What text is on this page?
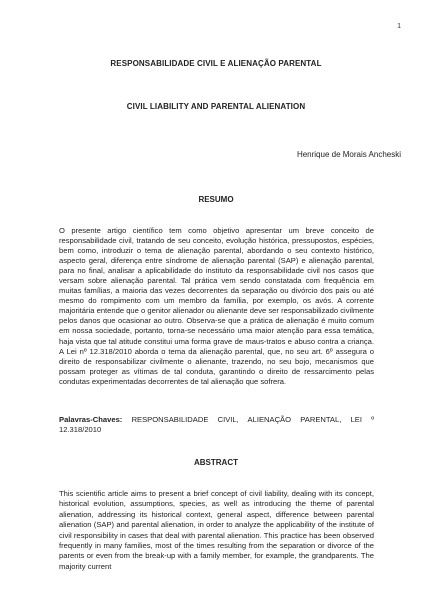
1
RESPONSABILIDADE CIVIL E ALIENAÇÃO PARENTAL
CIVIL LIABILITY AND PARENTAL ALIENATION
Henrique de Morais Ancheski
RESUMO

O presente artigo científico tem como objetivo apresentar um breve conceito de responsabilidade civil, tratando de seu conceito, evolução histórica, pressupostos, espécies, bem como, introduzir o tema de alienação parental, abordando o seu contexto histórico, aspecto geral, diferença entre síndrome de alienação parental (SAP) e alienação parental, para no final, analisar a aplicabilidade do instituto da responsabilidade civil nos casos que versam sobre alienação parental. Tal prática vem sendo constatada com frequência em muitas famílias, a maioria das vezes decorrentes da separação ou divórcio dos pais ou até mesmo do rompimento com um membro da família, por exemplo, os avós. A corrente majoritária entende que o genitor alienador ou alienante deve ser responsabilizado civilmente pelos danos que ocasionar ao outro. Observa-se que a prática de alienação é muito comum em nossa sociedade, portanto, torna-se necessário uma maior atenção para essa temática, haja vista que tal atitude constitui uma forma grave de maus-tratos e abuso contra a criança. A Lei nº 12.318/2010 aborda o tema da alienação parental, que, no seu art. 6º assegura o direito de responsabilizar civilmente o alienante, trazendo, no seu bojo, mecanismos que possam proteger as vítimas de tal conduta, garantindo o direito de ressarcimento pelas condutas experimentadas decorrentes de tal alienação que sofrera.

Palavras-Chaves: RESPONSABILIDADE CIVIL, ALIENAÇÃO PARENTAL, LEI º 12.318/2010

ABSTRACT

This scientific article aims to present a brief concept of civil liability, dealing with its concept, historical evolution, assumptions, species, as well as introducing the theme of parental alienation, addressing its historical context, general aspect, difference between parental alienation (SAP) and parental alienation, in order to analyze the applicability of the institute of civil responsibility in cases that deal with parental alienation. This practice has been observed frequently in many families, most of the times resulting from the separation or divorce of the parents or even from the break-up with a family member, for example, the grandparents. The majority current
